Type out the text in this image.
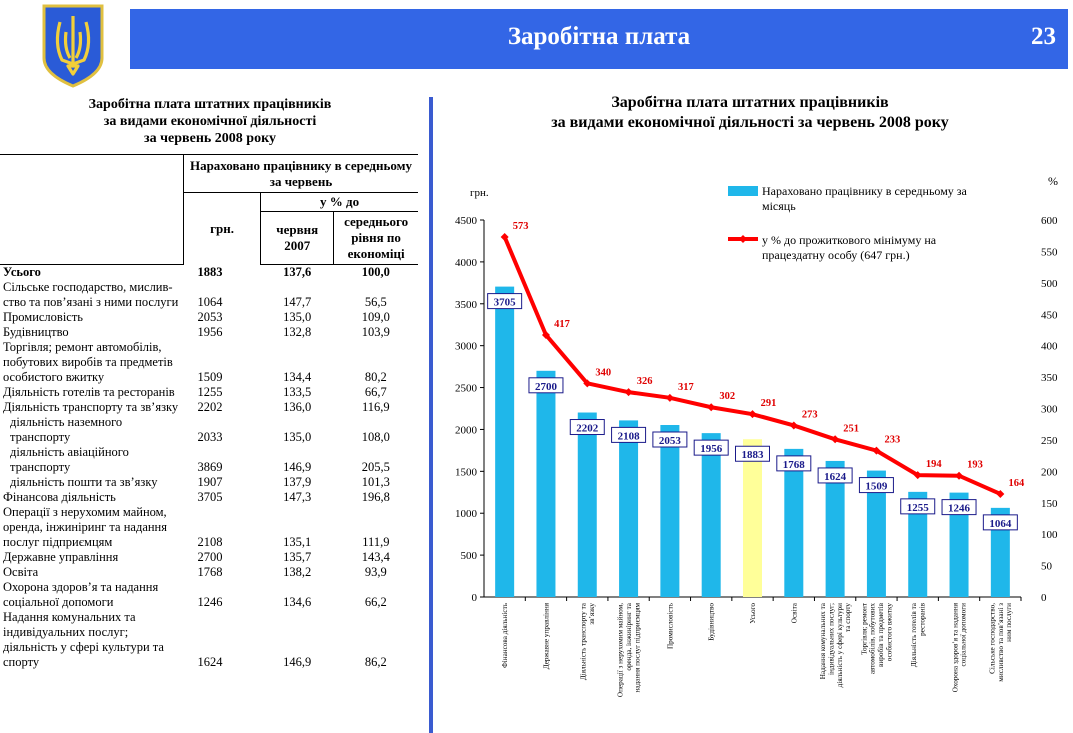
Заробітна плата	23
Заробітна плата штатних працівників
за видами економічної діяльності
за червень 2008 року
	Нараховано працівнику в середньому за червень		
	грн.	у % до	
		червня 2007	середнього рівня по економіці
Усього	1883	137,6	100,0
Сільське господарство, мислив-ство та пов’язані з ними послуги	1064	147,7	56,5
Промисловість	2053	135,0	109,0
Будівництво	1956	132,8	103,9
Торгівля; ремонт автомобілів, побутових виробів та предметів особистого вжитку	1509	134,4	80,2
Діяльність готелів та ресторанів	1255	133,5	66,7
Діяльність транспорту та зв’язку	2202	136,0	116,9
діяльність наземного транспорту	2033	135,0	108,0
діяльність авіаційного транспорту	3869	146,9	205,5
діяльність пошти та зв’язку	1907	137,9	101,3
Фінансова діяльність	3705	147,3	196,8
Операції з нерухомим майном, оренда, інжиніринг та надання послуг підприємцям	2108	135,1	111,9
Державне управління	2700	135,7	143,4
Освіта	1768	138,2	93,9
Охорона здоров’я та надання соціальної допомоги	1246	134,6	66,2
Надання комунальних та індивідуальних послуг; діяльність у сфері культури та спорту	1624	146,9	86,2
Заробітна плата штатних працівників
за видами економічної діяльності за червень 2008 року
0
500
1000
1500
2000
2500
3000
3500
4000
4500
0
50
100
150
200
250
300
350
400
450
500
550
600
грн.
%
3705
2700
2202
2108 2053
1956
1883
1768
1624
1509
1255 1246
1064
573
417
340
326
317
302
291
273
251
233
194 193
164
Фінансова діяльність	Державне управління	Діяльність транспорту тазв’язку	Операції з нерухомим майном,оренда, інжиніринг танадання послуг підприємцям	Промисловість	Будівництво	Усього	Освіта	Надання комунальних таіндивідуальних послуг;діяльність у сфері культурита спорту Торгівля; ремонтавтомобілів, побутовихвиробів та предметівособистого вжитку Діяльність готелів таресторанів	Охорона здоров’я та наданнясоціальної допомоги	Сільське господарство,мисливство та пов’язані зним послуги
Нараховано працівнику в середньому за місяць
у % до прожиткового мінімуму на працездатну особу (647 грн.)
